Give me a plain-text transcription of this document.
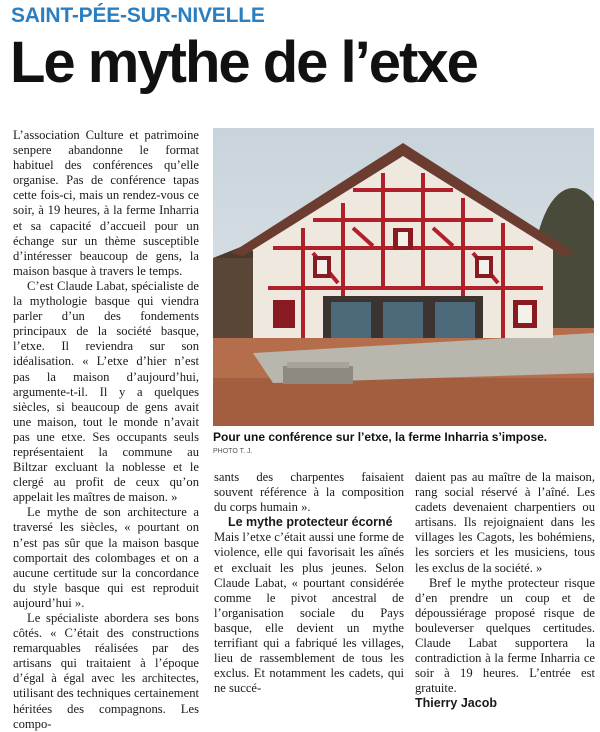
SAINT-PÉE-SUR-NIVELLE
Le mythe de l’etxe

L’association Culture et patrimoine senpere abandonne le format habituel des conférences qu’elle organise. Pas de conférence tapas cette fois-ci, mais un rendez-vous ce soir, à 19 heures, à la ferme Inharria et sa capacité d’accueil pour un échange sur un thème susceptible d’intéresser beaucoup de gens, la maison basque à travers le temps.

C’est Claude Labat, spécialiste de la mythologie basque qui viendra parler d’un des fondements principaux de la société basque, l’etxe. Il reviendra sur son idéalisation. « L’etxe d’hier n’est pas la maison d’aujourd’hui, argumente-t-il. Il y a quelques siècles, si beaucoup de gens avait une maison, tout le monde n’avait pas une etxe. Ses occupants seuls représentaient la commune au Biltzar excluant la noblesse et le clergé au profit de ceux qu’on appelait les maîtres de maison. »

Le mythe de son architecture a traversé les siècles, « pourtant on n’est pas sûr que la maison basque comportait des colombages et on a aucune certitude sur la concordance du style basque qui est reproduit aujourd’hui ».

Le spécialiste abordera ses bons côtés. « C’était des constructions remarquables réalisées par des artisans qui traitaient à l’époque d’égal à égal avec les architectes, utilisant des techniques certainement héritées des compagnons. Les compo-

Pour une conférence sur l’etxe, la ferme Inharria s’impose.
PHOTO T. J.

sants des charpentes faisaient souvent référence à la composition du corps humain ».

Le mythe protecteur écorné

Mais l’etxe c’était aussi une forme de violence, elle qui favorisait les aînés et excluait les plus jeunes. Selon Claude Labat, « pourtant considérée comme le pivot ancestral de l’organisation sociale du Pays basque, elle devient un mythe terrifiant qui a fabriqué les villages, lieu de rassemblement de tous les exclus. Et notamment les cadets, qui ne succé-

daient pas au maître de la maison, rang social réservé à l’aîné. Les cadets devenaient charpentiers ou artisans. Ils rejoignaient dans les villages les Cagots, les bohémiens, les sorciers et les musiciens, tous les exclus de la société. »

Bref le mythe protecteur risque d’en prendre un coup et de dépoussiérage proposé risque de bouleverser quelques certitudes. Claude Labat supportera la contradiction à la ferme Inharria ce soir à 19 heures. L’entrée est gratuite.

Thierry Jacob
